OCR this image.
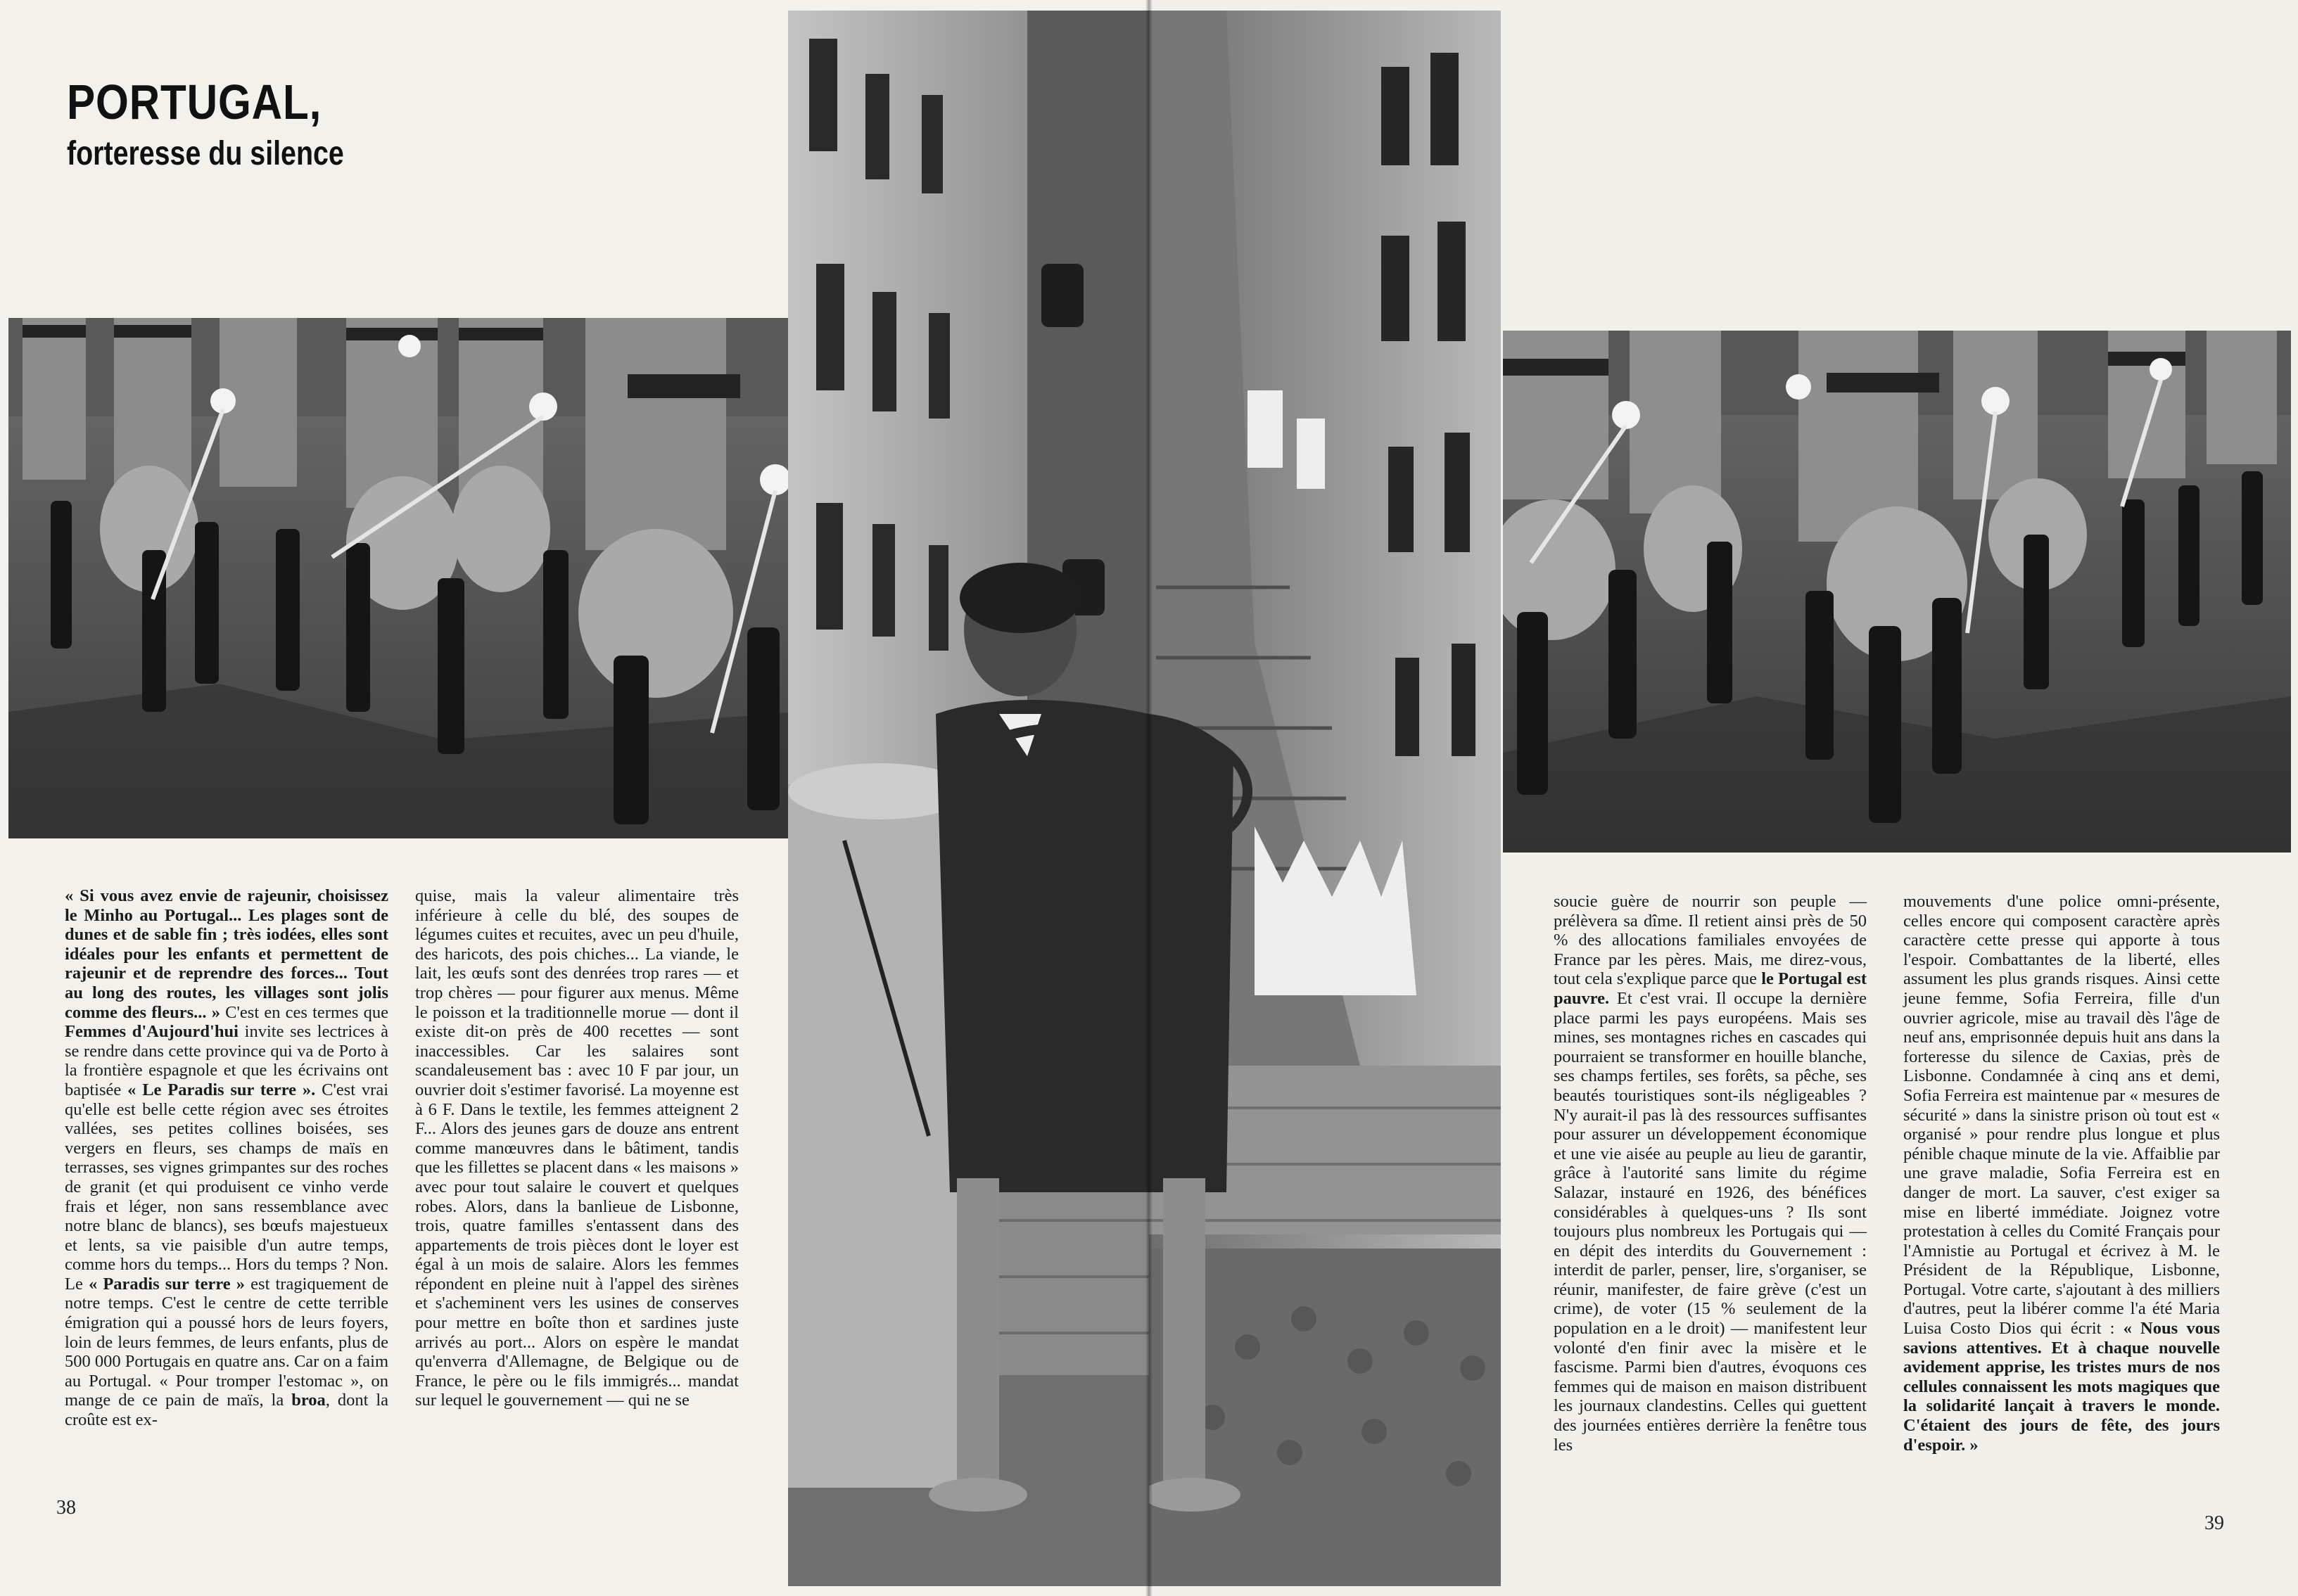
PORTUGAL,
forteresse du silence

« Si vous avez envie de rajeunir, choisissez le Minho au Portugal... Les plages sont de dunes et de sable fin ; très iodées, elles sont idéales pour les enfants et permettent de rajeunir et de reprendre des forces... Tout au long des routes, les villages sont jolis comme des fleurs... » C'est en ces termes que Femmes d'Aujourd'hui invite ses lectrices à se rendre dans cette province qui va de Porto à la frontière espagnole et que les écrivains ont baptisée « Le Paradis sur terre ». C'est vrai qu'elle est belle cette région avec ses étroites vallées, ses petites collines boisées, ses vergers en fleurs, ses champs de maïs en terrasses, ses vignes grimpantes sur des roches de granit (et qui produisent ce vinho verde frais et léger, non sans ressemblance avec notre blanc de blancs), ses bœufs majestueux et lents, sa vie paisible d'un autre temps, comme hors du temps... Hors du temps ? Non. Le « Paradis sur terre » est tragiquement de notre temps. C'est le centre de cette terrible émigration qui a poussé hors de leurs foyers, loin de leurs femmes, de leurs enfants, plus de 500 000 Portugais en quatre ans. Car on a faim au Portugal. « Pour tromper l'estomac », on mange de ce pain de maïs, la broa, dont la croûte est ex-

quise, mais la valeur alimentaire très inférieure à celle du blé, des soupes de légumes cuites et recuites, avec un peu d'huile, des haricots, des pois chiches... La viande, le lait, les œufs sont des denrées trop rares — et trop chères — pour figurer aux menus. Même le poisson et la traditionnelle morue — dont il existe dit-on près de 400 recettes — sont inaccessibles. Car les salaires sont scandaleusement bas : avec 10 F par jour, un ouvrier doit s'estimer favorisé. La moyenne est à 6 F. Dans le textile, les femmes atteignent 2 F... Alors des jeunes gars de douze ans entrent comme manœuvres dans le bâtiment, tandis que les fillettes se placent dans « les maisons » avec pour tout salaire le couvert et quelques robes. Alors, dans la banlieue de Lisbonne, trois, quatre familles s'entassent dans des appartements de trois pièces dont le loyer est égal à un mois de salaire. Alors les femmes répondent en pleine nuit à l'appel des sirènes et s'acheminent vers les usines de conserves pour mettre en boîte thon et sardines juste arrivés au port... Alors on espère le mandat qu'enverra d'Allemagne, de Belgique ou de France, le père ou le fils immigrés... mandat sur lequel le gouvernement — qui ne se

38

soucie guère de nourrir son peuple — prélèvera sa dîme. Il retient ainsi près de 50 % des allocations familiales envoyées de France par les pères. Mais, me direz-vous, tout cela s'explique parce que le Portugal est pauvre. Et c'est vrai. Il occupe la dernière place parmi les pays européens. Mais ses mines, ses montagnes riches en cascades qui pourraient se transformer en houille blanche, ses champs fertiles, ses forêts, sa pêche, ses beautés touristiques sont-ils négligeables ? N'y aurait-il pas là des ressources suffisantes pour assurer un développement économique et une vie aisée au peuple au lieu de garantir, grâce à l'autorité sans limite du régime Salazar, instauré en 1926, des bénéfices considérables à quelques-uns ? Ils sont toujours plus nombreux les Portugais qui — en dépit des interdits du Gouvernement : interdit de parler, penser, lire, s'organiser, se réunir, manifester, de faire grève (c'est un crime), de voter (15 % seulement de la population en a le droit) — manifestent leur volonté d'en finir avec la misère et le fascisme. Parmi bien d'autres, évoquons ces femmes qui de maison en maison distribuent les journaux clandestins. Celles qui guettent des journées entières derrière la fenêtre tous les

mouvements d'une police omni-présente, celles encore qui composent caractère après caractère cette presse qui apporte à tous l'espoir. Combattantes de la liberté, elles assument les plus grands risques. Ainsi cette jeune femme, Sofia Ferreira, fille d'un ouvrier agricole, mise au travail dès l'âge de neuf ans, emprisonnée depuis huit ans dans la forteresse du silence de Caxias, près de Lisbonne. Condamnée à cinq ans et demi, Sofia Ferreira est maintenue par « mesures de sécurité » dans la sinistre prison où tout est « organisé » pour rendre plus longue et plus pénible chaque minute de la vie. Affaiblie par une grave maladie, Sofia Ferreira est en danger de mort. La sauver, c'est exiger sa mise en liberté immédiate. Joignez votre protestation à celles du Comité Français pour l'Amnistie au Portugal et écrivez à M. le Président de la République, Lisbonne, Portugal. Votre carte, s'ajoutant à des milliers d'autres, peut la libérer comme l'a été Maria Luisa Costo Dios qui écrit : « Nous vous savions attentives. Et à chaque nouvelle avidement apprise, les tristes murs de nos cellules connaissent les mots magiques que la solidarité lançait à travers le monde. C'étaient des jours de fête, des jours d'espoir. »

39
